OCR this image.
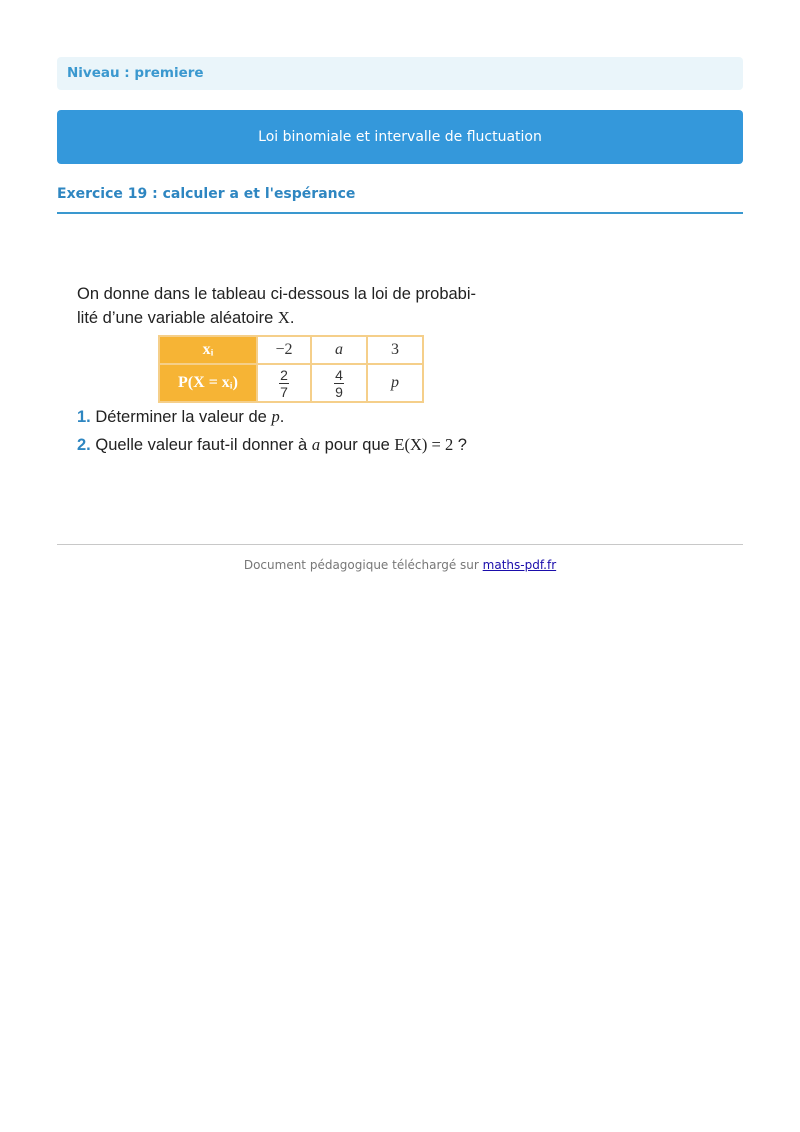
Niveau : premiere
Loi binomiale et intervalle de fluctuation
Exercice 19 : calculer a et l'espérance
On donne dans le tableau ci-dessous la loi de probabi-
lité d’une variable aléatoire X.
xᵢ	−2	a	3
P(X = xᵢ)	$\frac{2}{7}$	$\frac{4}{9}$	p
1. Déterminer la valeur de p.
2. Quelle valeur faut-il donner à a pour que E(X) = 2 ?
Document pédagogique téléchargé sur maths-pdf.fr
